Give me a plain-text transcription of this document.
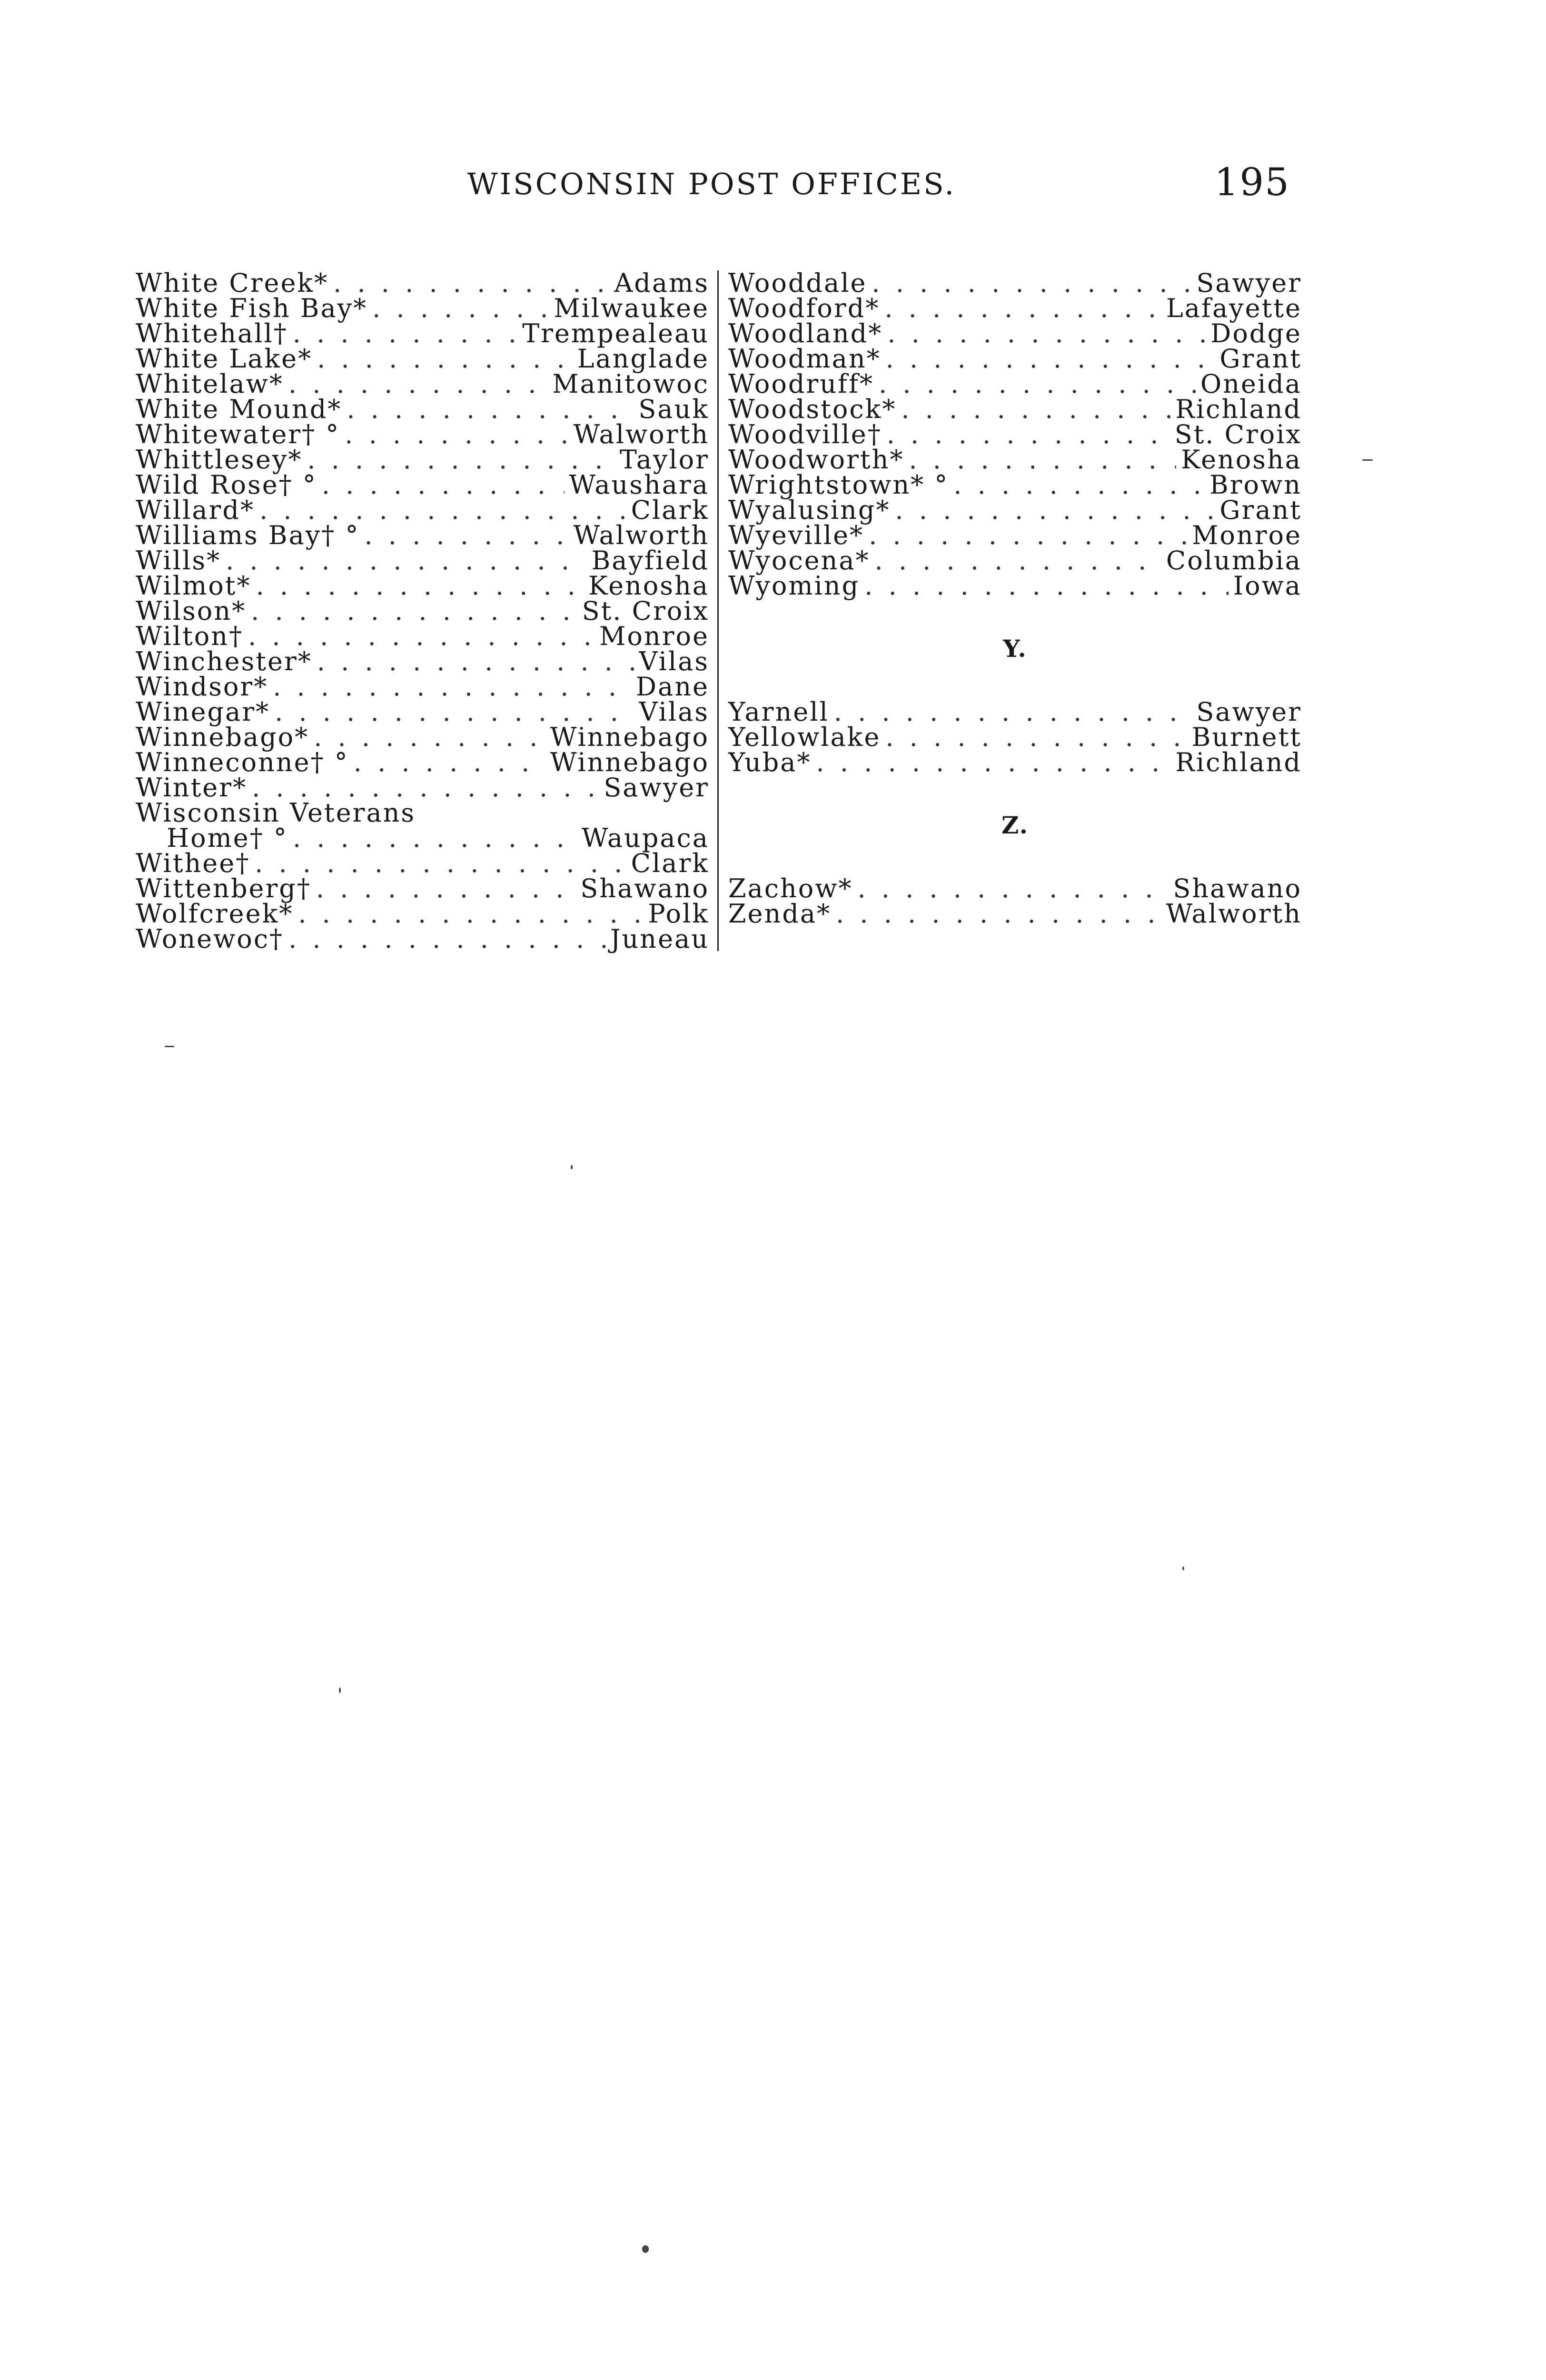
WISCONSIN POST OFFICES.	195
White Creek* . . .	Adams
White Fish Bay* . . .	Milwaukee
Whitehall† . . .	Trempealeau
White Lake* . . .	Langlade
Whitelaw* . . .	Manitowoc
White Mound* . . .	Sauk
Whitewater† ° . . .	Walworth
Whittlesey* . . .	Taylor
Wild Rose† ° . . .	Waushara
Willard* . . .	Clark
Williams Bay† ° . . .	Walworth
Wills* . . .	Bayfield
Wilmot* . . .	Kenosha
Wilson* . . .	St. Croix
Wilton† . . .	Monroe
Winchester* . . .	Vilas
Windsor* . . .	Dane
Winegar* . . .	Vilas
Winnebago* . . .	Winnebago
Winneconne† ° . . .	Winnebago
Winter* . . .	Sawyer
Wisconsin Veterans
Home† ° . . .	Waupaca
Withee† . . .	Clark
Wittenberg† . . .	Shawano
Wolfcreek* . . .	Polk
Wonewoc† . . .	Juneau
Wooddale . . .	Sawyer
Woodford* . . .	Lafayette
Woodland* . . .	Dodge
Woodman* . . .	Grant
Woodruff* . . .	Oneida
Woodstock* . . .	Richland
Woodville† . . .	St. Croix
Woodworth* . . .	Kenosha
Wrightstown* ° . . .	Brown
Wyalusing* . . .	Grant
Wyeville* . . .	Monroe
Wyocena* . . .	Columbia
Wyoming . . .	Iowa
Y.
Yarnell . . .	Sawyer
Yellowlake . . .	Burnett
Yuba* . . .	Richland
Z.
Zachow* . . .	Shawano
Zenda* . . .	Walworth
